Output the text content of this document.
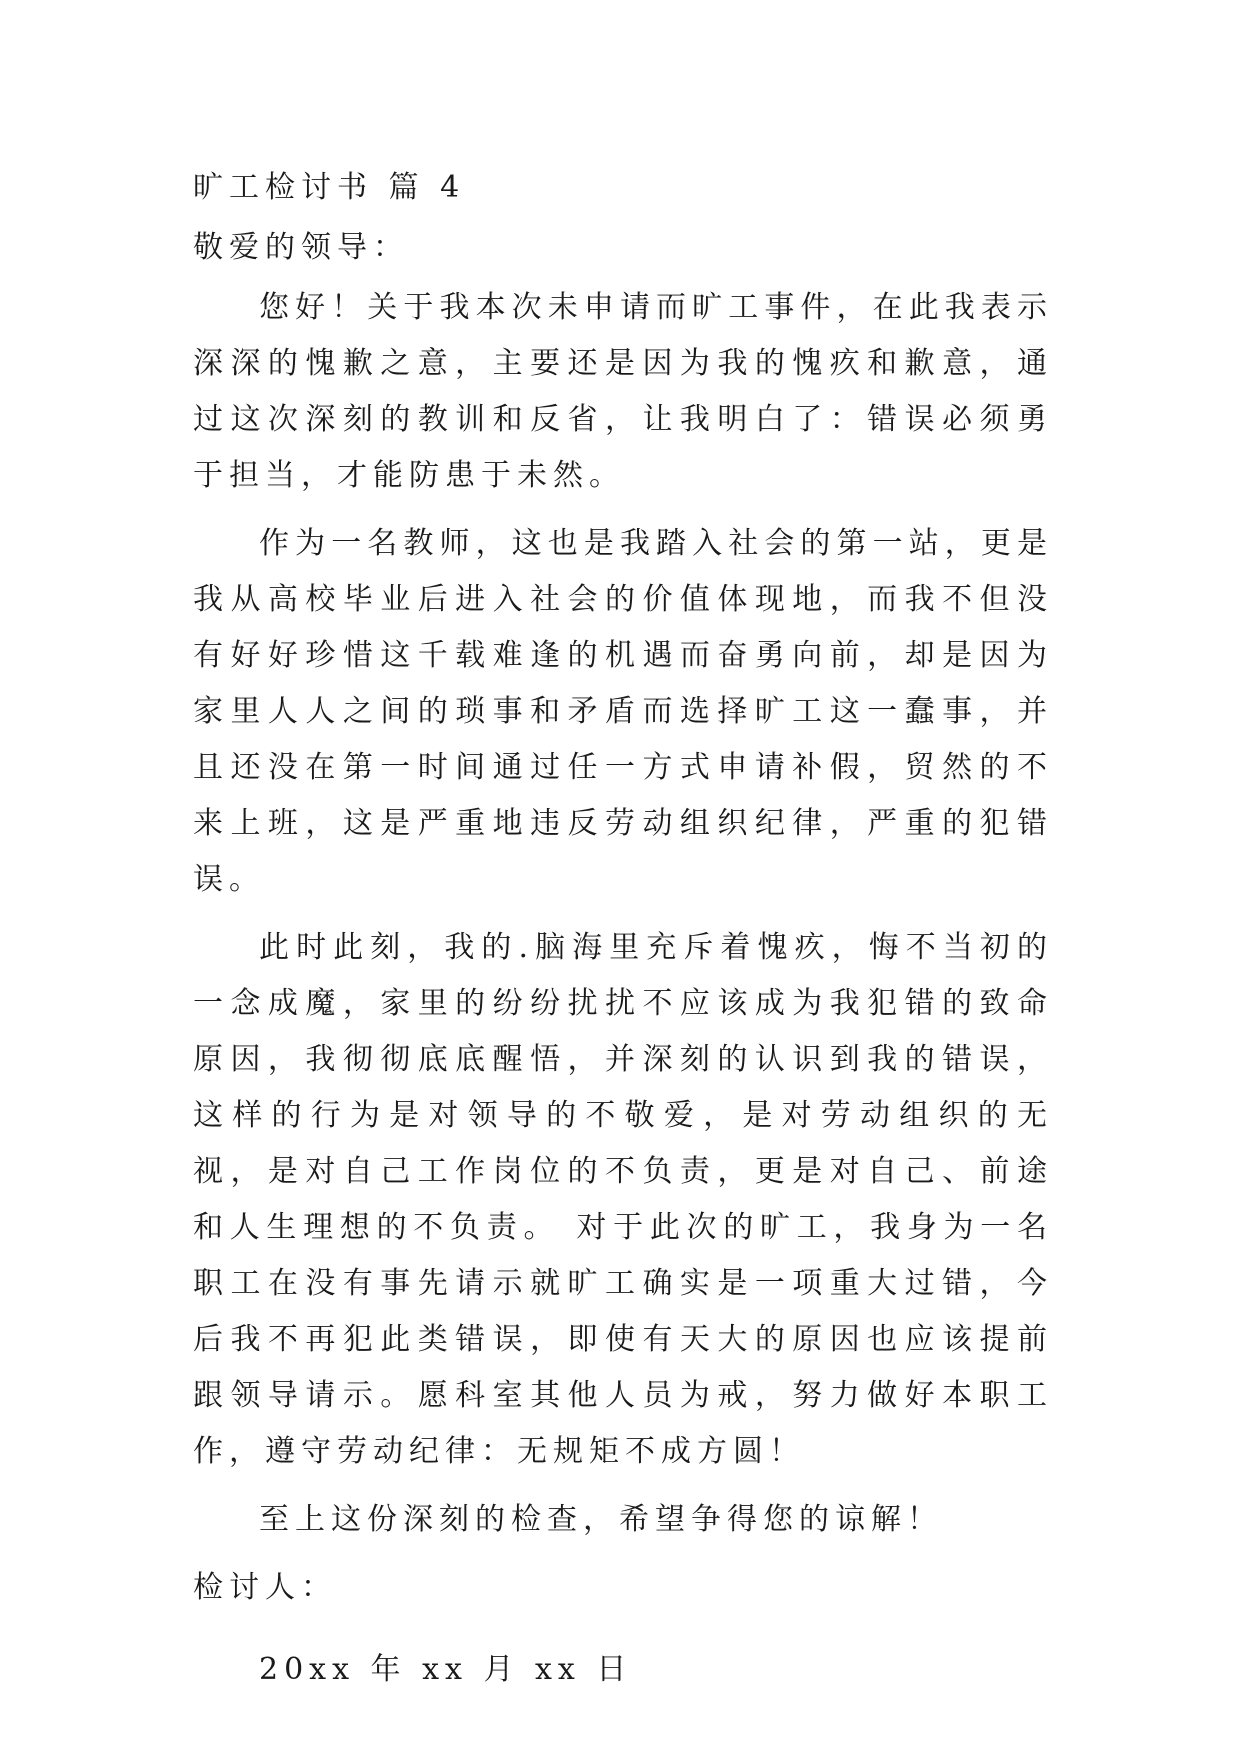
旷工检讨书 篇 4

敬爱的领导：

您好！关于我本次未申请而旷工事件，在此我表示深深的愧歉之意，主要还是因为我的愧疚和歉意，通过这次深刻的教训和反省，让我明白了：错误必须勇于担当，才能防患于未然。

作为一名教师，这也是我踏入社会的第一站，更是我从高校毕业后进入社会的价值体现地，而我不但没有好好珍惜这千载难逢的机遇而奋勇向前，却是因为家里人人之间的琐事和矛盾而选择旷工这一蠢事，并且还没在第一时间通过任一方式申请补假，贸然的不来上班，这是严重地违反劳动组织纪律，严重的犯错误。

此时此刻，我的.脑海里充斥着愧疚，悔不当初的一念成魔，家里的纷纷扰扰不应该成为我犯错的致命原因，我彻彻底底醒悟，并深刻的认识到我的错误，这样的行为是对领导的不敬爱，是对劳动组织的无视，是对自己工作岗位的不负责，更是对自己、前途和人生理想的不负责。 对于此次的旷工，我身为一名职工在没有事先请示就旷工确实是一项重大过错，今后我不再犯此类错误，即使有天大的原因也应该提前跟领导请示。愿科室其他人员为戒，努力做好本职工作，遵守劳动纪律：无规矩不成方圆！

至上这份深刻的检查，希望争得您的谅解！

检讨人：

20xx 年 xx 月 xx 日
